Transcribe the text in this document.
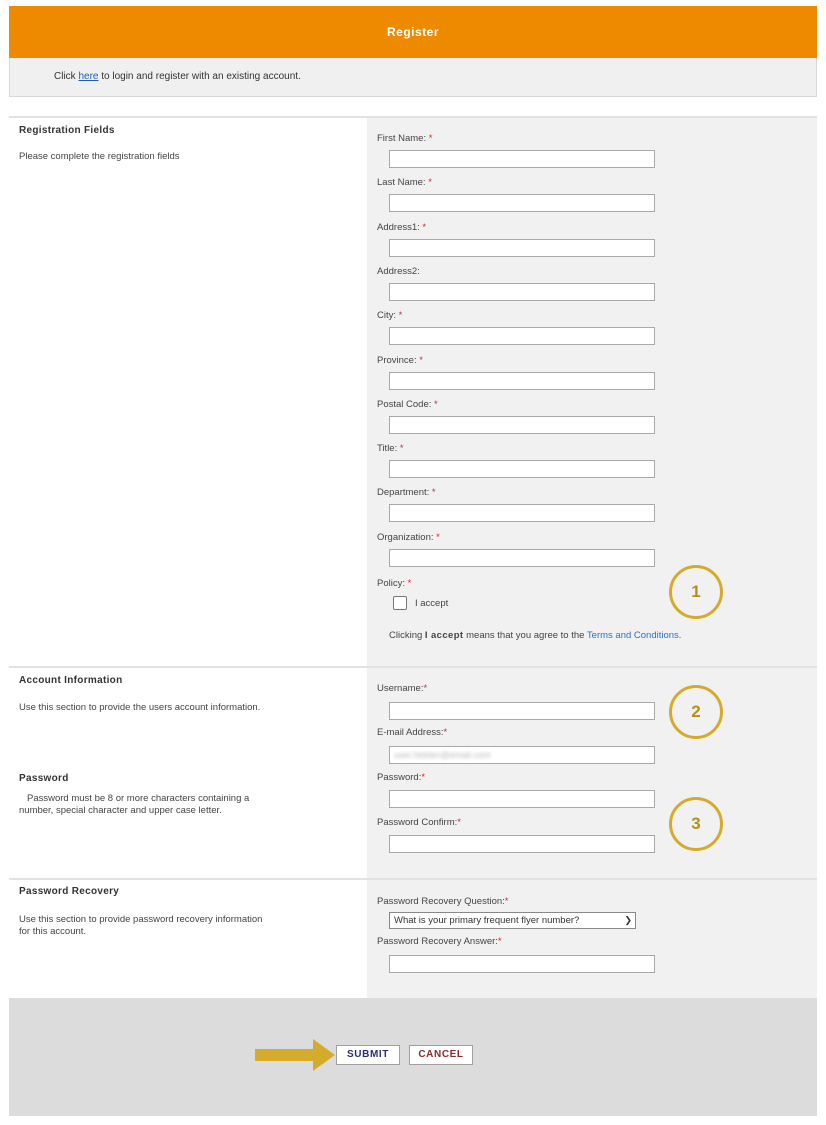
Register
Click here to login and register with an existing account.
Registration Fields
Please complete the registration fields
Policy: *
I accept
Clicking I accept means that you agree to the Terms and Conditions.
First Name: *
Last Name: *
Address1: *
Address2:
City: *
Province: *
Postal Code: *
Title: *
Department: *
Organization: *
Account Information
Use this section to provide the users account information.
Password
Password must be 8 or more characters containing a
number, special character and upper case letter.
Username:*
E-mail Address:*
user.hidden@email.com
Password:*
Password Confirm:*
Password Recovery
Use this section to provide password recovery information
for this account.
Password Recovery Question:*
What is your primary frequent flyer number?	❯
Password Recovery Answer:*
1
2
3
SUBMIT	CANCEL
